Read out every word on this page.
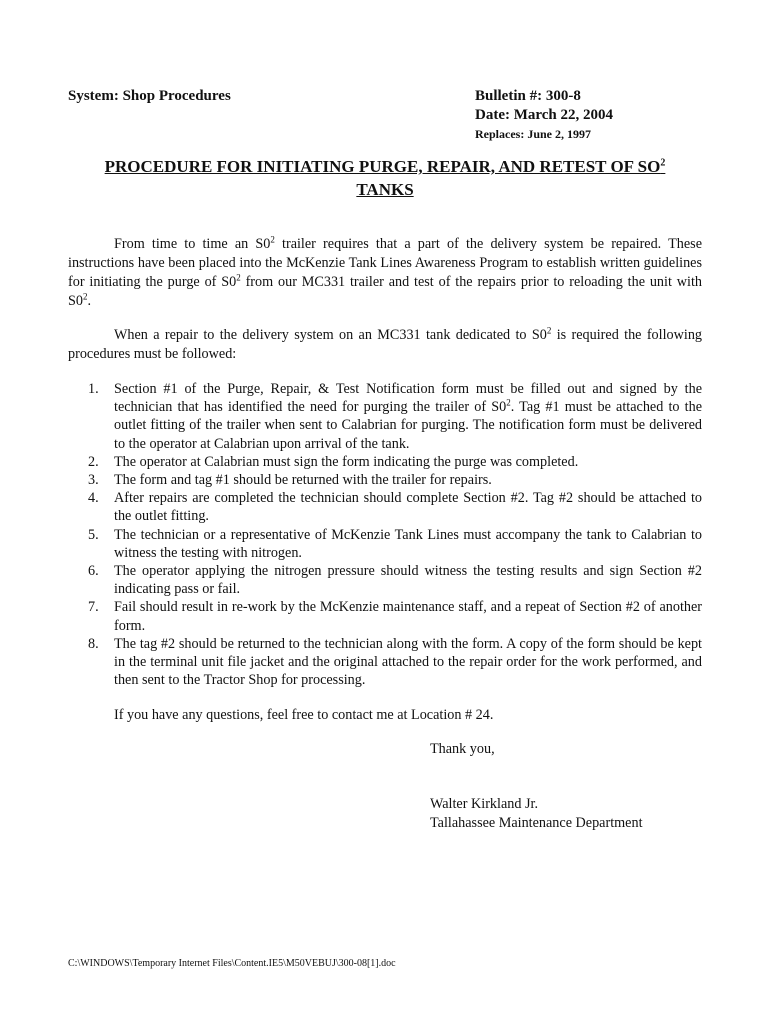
System: Shop Procedures	Bulletin #: 300-8
Date: March 22, 2004
Replaces: June 2, 1997
PROCEDURE FOR INITIATING PURGE, REPAIR, AND RETEST OF $SO^2$
TANKS
From time to time an $S0^2$ trailer requires that a part of the delivery system be repaired. These instructions have been placed into the McKenzie Tank Lines Awareness Program to establish written guidelines for initiating the purge of $S0^2$ from our MC331 trailer and test of the repairs prior to reloading the unit with $S0^2$.
When a repair to the delivery system on an MC331 tank dedicated to $S0^2$ is required the following procedures must be followed:
1. Section #1 of the Purge, Repair, & Test Notification form must be filled out and signed by the technician that has identified the need for purging the trailer of $S0^2$. Tag #1 must be attached to the outlet fitting of the trailer when sent to Calabrian for purging. The notification form must be delivered to the operator at Calabrian upon arrival of the tank.
2. The operator at Calabrian must sign the form indicating the purge was completed.
3. The form and tag #1 should be returned with the trailer for repairs.
4. After repairs are completed the technician should complete Section #2. Tag #2 should be attached to the outlet fitting.
5. The technician or a representative of McKenzie Tank Lines must accompany the tank to Calabrian to witness the testing with nitrogen.
6. The operator applying the nitrogen pressure should witness the testing results and sign Section #2 indicating pass or fail.
7. Fail should result in re-work by the McKenzie maintenance staff, and a repeat of Section #2 of another form.
8. The tag #2 should be returned to the technician along with the form. A copy of the form should be kept in the terminal unit file jacket and the original attached to the repair order for the work performed, and then sent to the Tractor Shop for processing.
If you have any questions, feel free to contact me at Location # 24.
Thank you,
Walter Kirkland Jr.
Tallahassee Maintenance Department
C:\WINDOWS\Temporary Internet Files\Content.IE5\M50VEBUJ\300-08[1].doc
